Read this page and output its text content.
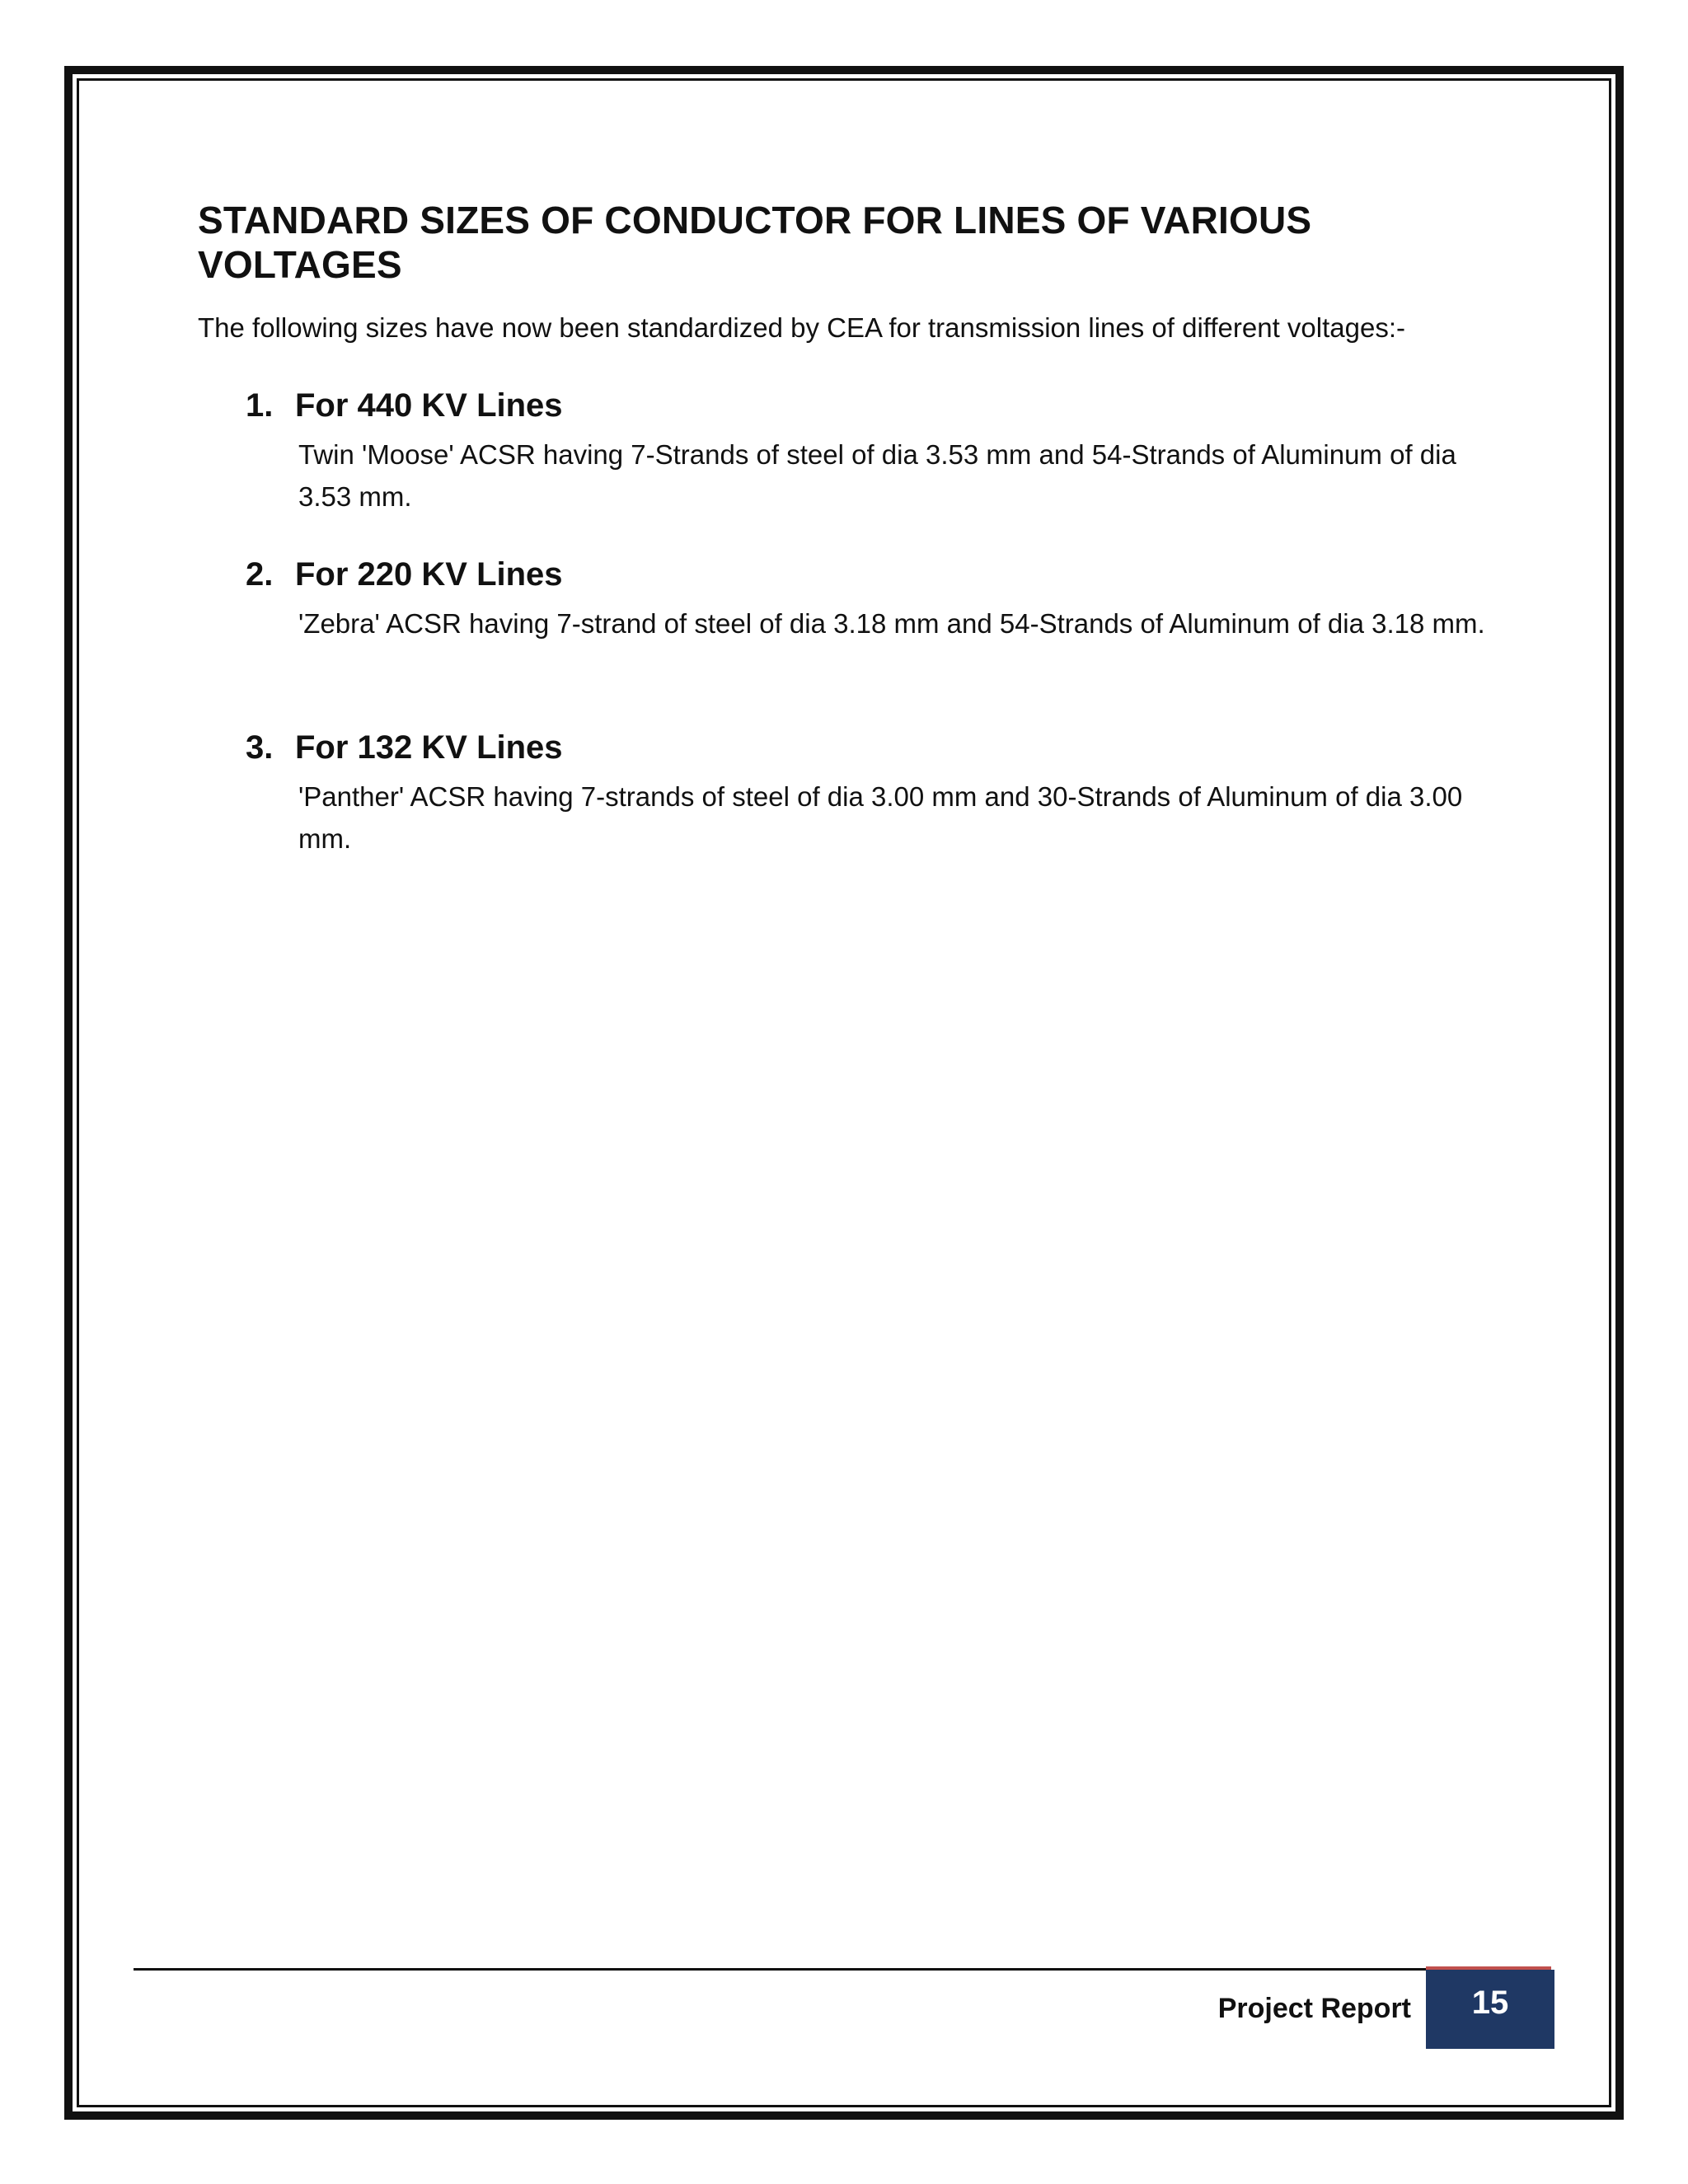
STANDARD SIZES OF CONDUCTOR FOR LINES OF VARIOUS VOLTAGES
The following sizes have now been standardized by CEA for transmission lines of different voltages:-
1. For 440 KV Lines
Twin 'Moose' ACSR having 7-Strands of steel of dia 3.53 mm and 54-Strands of Aluminum of dia 3.53 mm.
2. For 220 KV Lines
'Zebra' ACSR having 7-strand of steel of dia 3.18 mm and 54-Strands of Aluminum of dia 3.18 mm.
3. For 132 KV Lines
'Panther' ACSR having 7-strands of steel of dia 3.00 mm and 30-Strands of Aluminum of dia 3.00 mm.
Project Report	15
